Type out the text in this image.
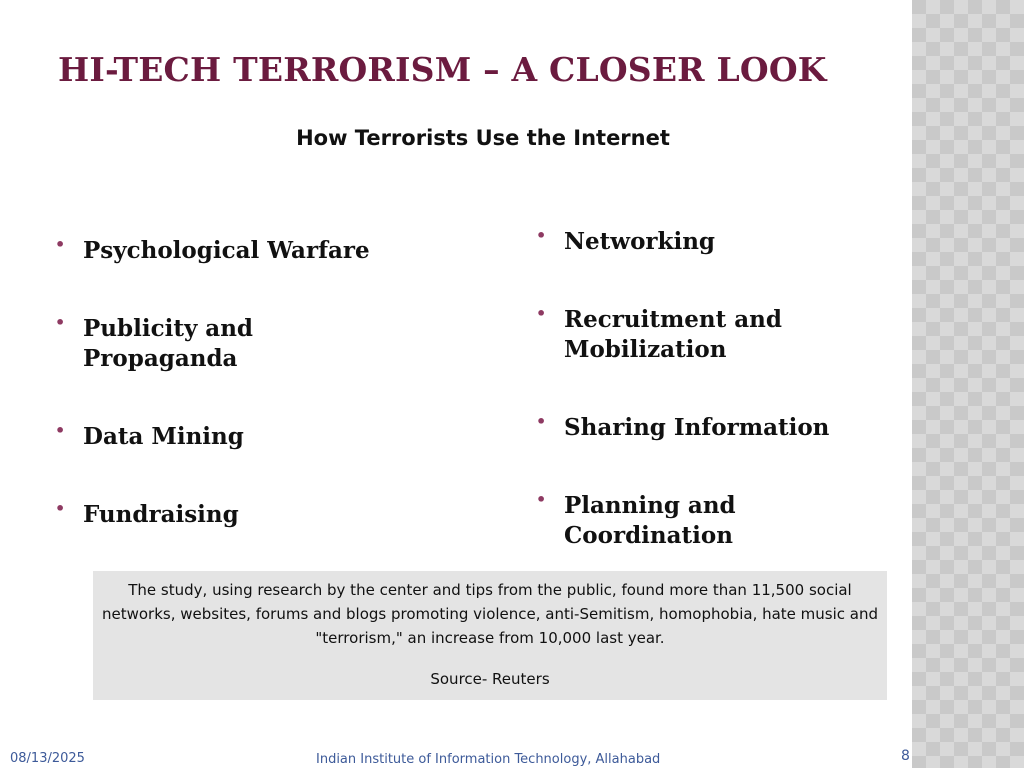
HI-TECH TERRORISM – A CLOSER LOOK
How Terrorists Use the Internet
• Psychological Warfare
• Publicity and Propaganda
• Data Mining
• Fundraising
• Networking
• Recruitment and Mobilization
• Sharing Information
• Planning and Coordination
The study, using research by the center and tips from the public, found more than 11,500 social networks, websites, forums and blogs promoting violence, anti-Semitism, homophobia, hate music and "terrorism," an increase from 10,000 last year.
Source- Reuters
08/13/2025	Indian Institute of Information Technology, Allahabad	8
